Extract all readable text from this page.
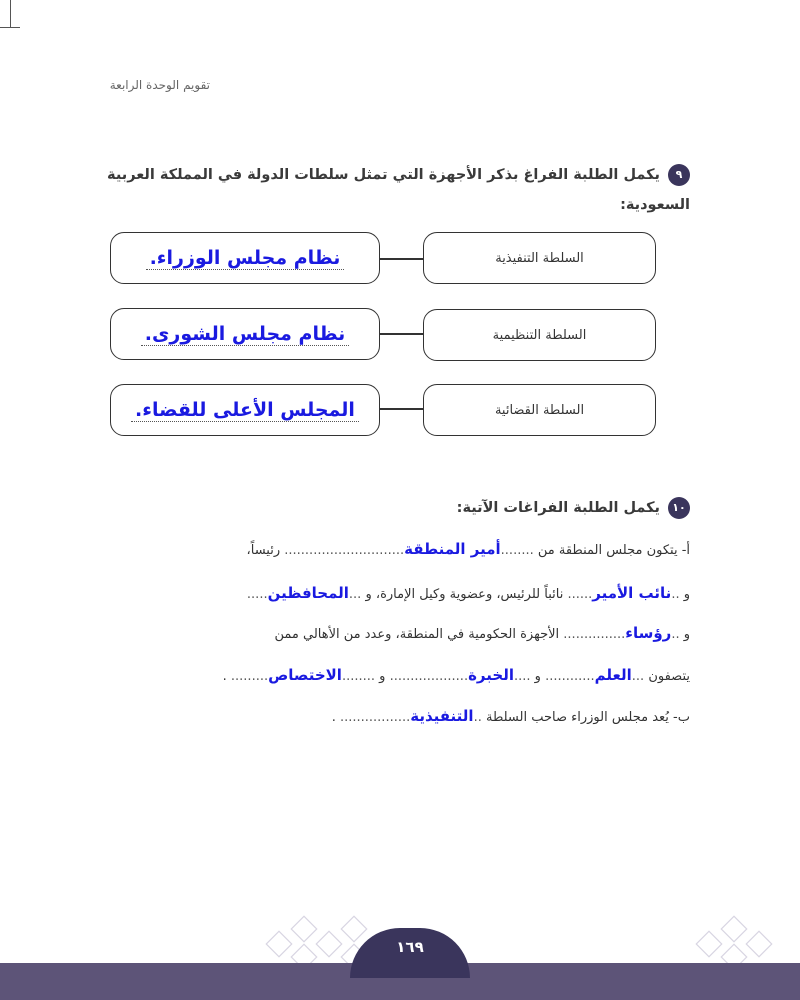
تقويم الوحدة الرابعة
٩يكمل الطلبة الفراغ بذكر الأجهزة التي تمثل سلطات الدولة في المملكة العربية السعودية:
السلطة التنفيذية
نظام مجلس الوزراء.
السلطة التنظيمية
نظام مجلس الشورى.
السلطة القضائية
المجلس الأعلى للقضاء.
١٠يكمل الطلبة الفراغات الآتية:
أ- يتكون مجلس المنطقة من ........أمير المنطقة............................. رئيساً،
و ..نائب الأمير...... نائباً للرئيس، وعضوية وكيل الإمارة، و ...المحافظين.....
و ..رؤساء............... الأجهزة الحكومية في المنطقة، وعدد من الأهالي ممن
يتصفون ...العلم............ و ....الخبرة................... و ........الاختصاص......... .
ب- يُعد مجلس الوزراء صاحب السلطة ..التنفيذية................. .
١٦٩
